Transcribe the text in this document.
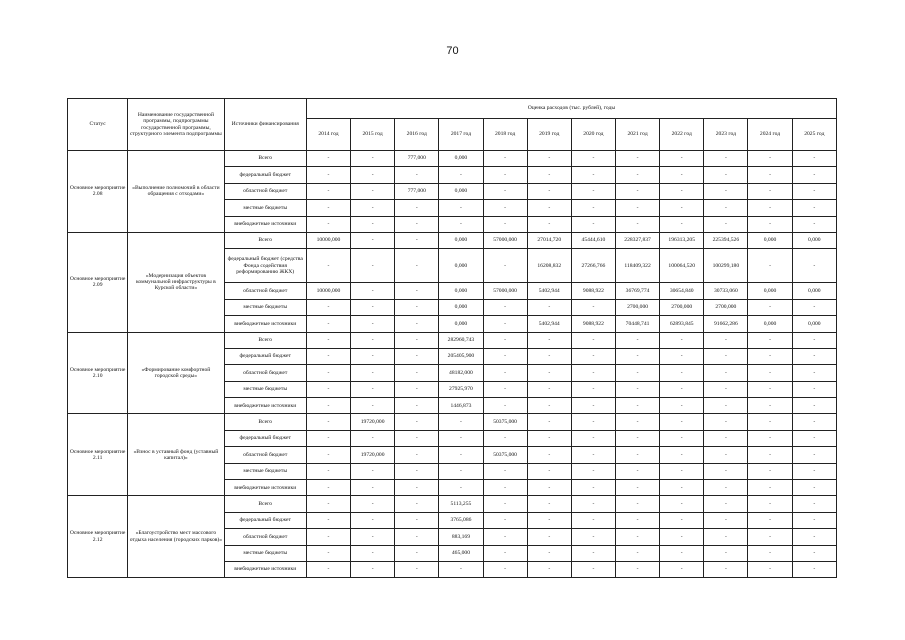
70
Статус	Наименование государственной программы, подпрограммы государственной программы, структурного элемента подпрограммы	Источники финансирования	Оценка расходов (тыс. рублей), годы											
			2014 год	2015 год	2016 год	2017 год	2018 год	2019 год	2020 год	2021 год	2022 год	2023 год	2024 год	2025 год
Основное мероприятие 2.08	«Выполнение полномочий в области обращения с отходами»	Всего	-	-	777,000	0,000	-	-	-	-	-	-	-	-
		федеральный бюджет	-	-	-	-	-	-	-	-	-	-	-	-
		областной бюджет	-	-	777,000	0,000	-	-	-	-	-	-	-	-
		местные бюджеты	-	-	-	-	-	-	-	-	-	-	-	-
		внебюджетные источники	-	-	-	-	-	-	-	-	-	-	-	-
Основное мероприятие 2.09	«Модернизация объектов коммунальной инфраструктуры в Курской области»	Всего	10000,000	-	-	0,000	57000,000	27014,720	45444,610	228327,837	196313,205	225394,526	0,000	0,000
		федеральный бюджет (средства Фонда содействия реформированию ЖКХ)	-	-	-	0,000	-	16208,832	27266,766	118409,322	100064,520	100299,180	-	-
		областной бюджет	10000,000	-	-	0,000	57000,000	5402,944	9088,922	36769,774	30654,840	30733,060	0,000	0,000
		местные бюджеты	-	-	-	0,000	-	-	-	2700,000	2700,000	2700,000	-	-
		внебюджетные источники	-	-	-	0,000	-	5402,944	9088,922	70448,741	62893,845	91662,286	0,000	0,000
Основное мероприятие 2.10	«Формирование комфортной городской среды»	Всего	-	-	-	282960,743	-	-	-	-	-	-	-	-
		федеральный бюджет	-	-	-	205405,900	-	-	-	-	-	-	-	-
		областной бюджет	-	-	-	48182,000	-	-	-	-	-	-	-	-
		местные бюджеты	-	-	-	27925,970	-	-	-	-	-	-	-	-
		внебюджетные источники	-	-	-	1446,873	-	-	-	-	-	-	-	-
Основное мероприятие 2.11	«Взнос в уставный фонд (уставный капитал)»	Всего	-	19720,000	-	-	50375,000	-	-	-	-	-	-	-
		федеральный бюджет	-	-	-	-	-	-	-	-	-	-	-	-
		областной бюджет	-	19720,000	-	-	50375,000	-	-	-	-	-	-	-
		местные бюджеты	-	-	-	-	-	-	-	-	-	-	-	-
		внебюджетные источники	-	-	-	-	-	-	-	-	-	-	-	-
Основное мероприятие 2.12	«Благоустройство мест массового отдыха населения (городских парков)»	Всего	-	-	-	5113,255	-	-	-	-	-	-	-	-
		федеральный бюджет	-	-	-	3765,086	-	-	-	-	-	-	-	-
		областной бюджет	-	-	-	883,169	-	-	-	-	-	-	-	-
		местные бюджеты	-	-	-	465,000	-	-	-	-	-	-	-	-
		внебюджетные источники	-	-	-	-	-	-	-	-	-	-	-	-
